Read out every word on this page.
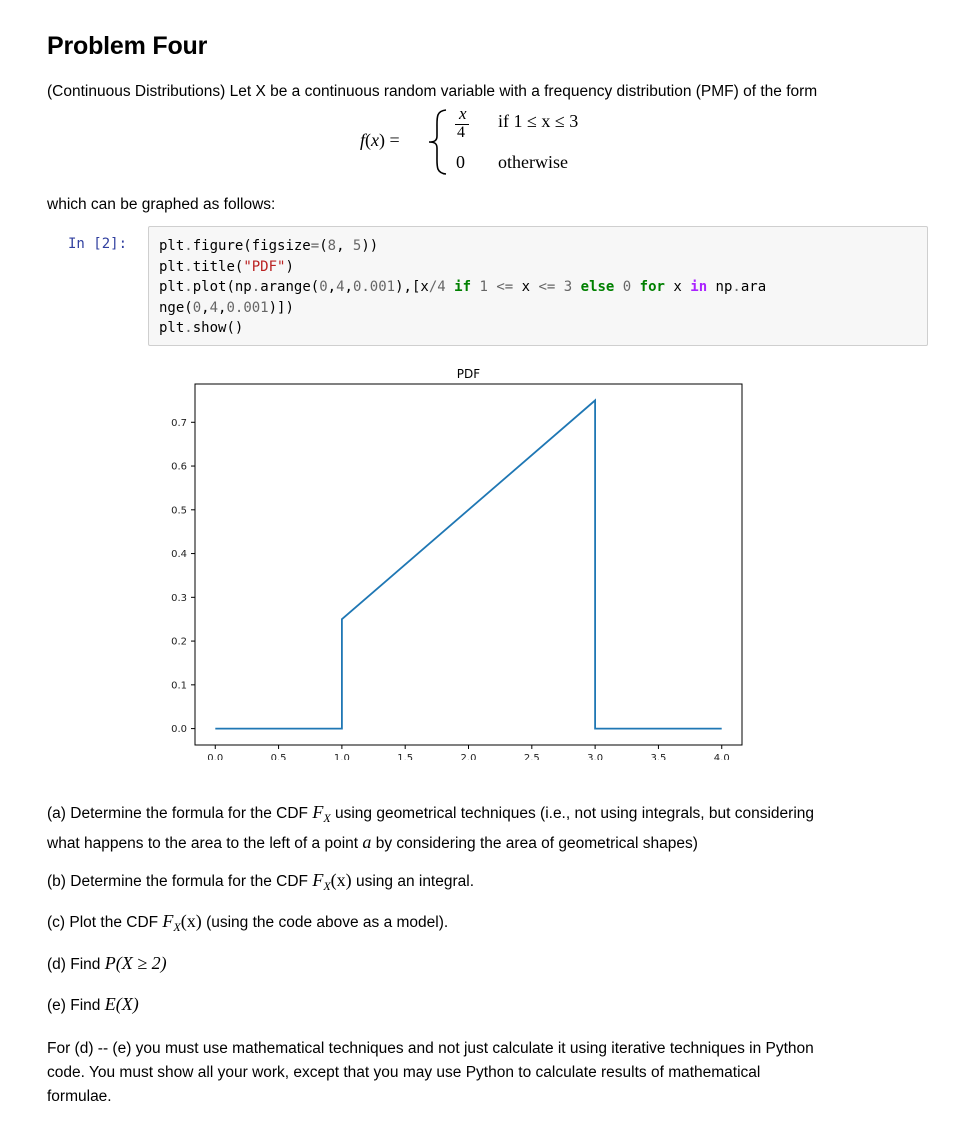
Problem Four
(Continuous Distributions) Let X be a continuous random variable with a frequency distribution (PMF) of the form
f(x) =
x
4
if 1 ≤ x ≤ 3
0 otherwise
which can be graphed as follows:
In [2]: plt.figure(figsize=(8, 5))
plt.title("PDF")
plt.plot(np.arange(0,4,0.001),[x/4 if 1 <= x <= 3 else 0 for x in np.ara
nge(0,4,0.001)])
plt.show()
PDF
0.0	0.5	1.0	1.5	2.0	2.5	3.0	3.5	4.0
0.0
0.1
0.2
0.3
0.4
0.5
0.6
0.7
(a) Determine the formula for the CDF $F_X$ using geometrical techniques (i.e., not using integrals, but considering
what happens to the area to the left of a point a by considering the area of geometrical shapes)
(b) Determine the formula for the CDF $F_X(x)$ using an integral.
(c) Plot the CDF $F_X(x)$ (using the code above as a model).
(d) Find P(X ≥ 2)
(e) Find E(X)
For (d) -- (e) you must use mathematical techniques and not just calculate it using iterative techniques in Python
code. You must show all your work, except that you may use Python to calculate results of mathematical
formulae.
